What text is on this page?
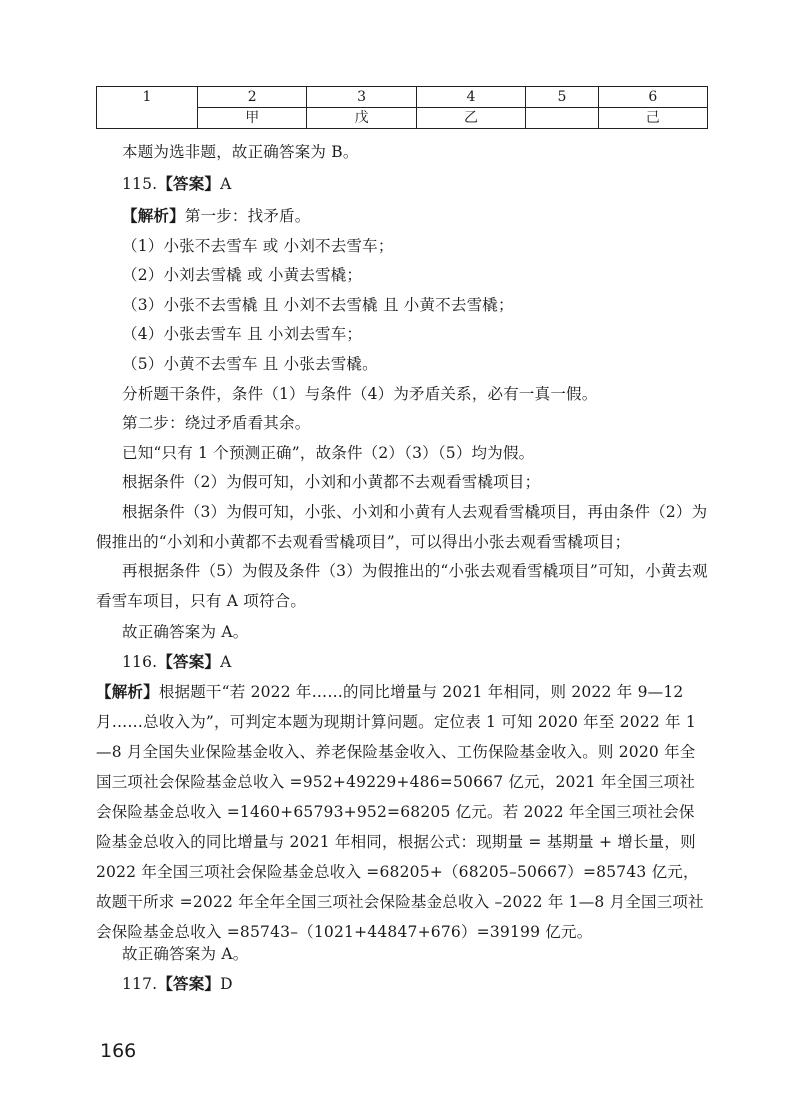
1	2	3	4	5	6
	甲	戊	乙		己
本题为选非题，故正确答案为 B。
115.【答案】A
【解析】第一步：找矛盾。
（1）小张不去雪车 或 小刘不去雪车；
（2）小刘去雪橇 或 小黄去雪橇；
（3）小张不去雪橇 且 小刘不去雪橇 且 小黄不去雪橇；
（4）小张去雪车 且 小刘去雪车；
（5）小黄不去雪车 且 小张去雪橇。
分析题干条件，条件（1）与条件（4）为矛盾关系，必有一真一假。
第二步：绕过矛盾看其余。
已知“只有 1 个预测正确”，故条件（2）（3）（5）均为假。
根据条件（2）为假可知，小刘和小黄都不去观看雪橇项目；
根据条件（3）为假可知，小张、小刘和小黄有人去观看雪橇项目，再由条件（2）为假推出的“小刘和小黄都不去观看雪橇项目”，可以得出小张去观看雪橇项目；
再根据条件（5）为假及条件（3）为假推出的“小张去观看雪橇项目”可知，小黄去观看雪车项目，只有 A 项符合。
故正确答案为 A。
116.【答案】A
【解析】根据题干“若 2022 年……的同比增量与 2021 年相同，则 2022 年 9—12 月……总收入为”，可判定本题为现期计算问题。定位表 1 可知 2020 年至 2022 年 1—8 月全国失业保险基金收入、养老保险基金收入、工伤保险基金收入。则 2020 年全国三项社会保险基金总收入 =952+49229+486=50667 亿元，2021 年全国三项社会保险基金总收入 =1460+65793+952=68205 亿元。若 2022 年全国三项社会保险基金总收入的同比增量与 2021 年相同，根据公式：现期量 = 基期量 + 增长量，则 2022 年全国三项社会保险基金总收入 =68205+（68205–50667）=85743 亿元，故题干所求 =2022 年全年全国三项社会保险基金总收入 –2022 年 1—8 月全国三项社会保险基金总收入 =85743–（1021+44847+676）=39199 亿元。
故正确答案为 A。
117.【答案】D
166
